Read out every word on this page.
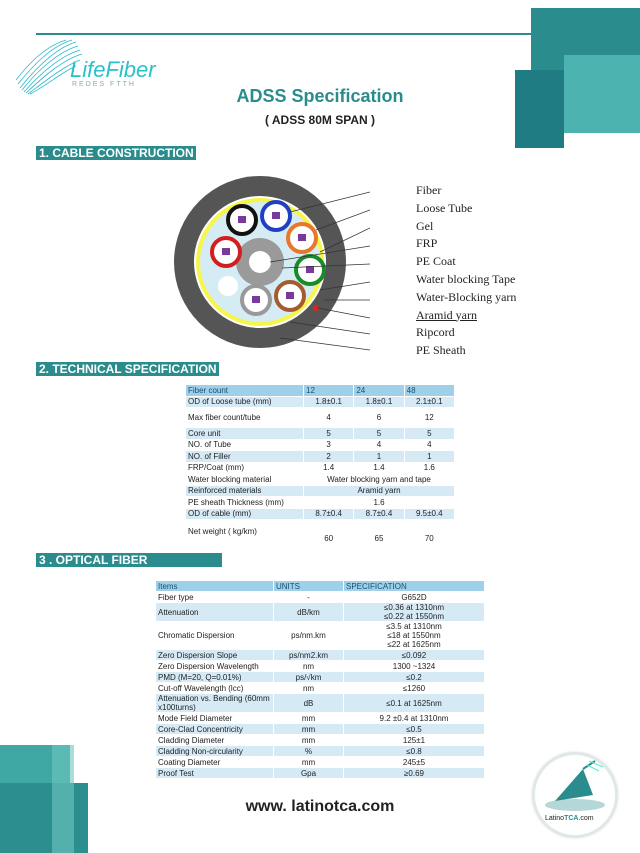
LifeFiber
REDES FTTH
ADSS Specification
( ADSS 80M SPAN )
1. CABLE CONSTRUCTION
Fiber
Loose Tube
Gel
FRP
PE Coat
Water blocking Tape
Water-Blocking yarn
Aramid yarn
Ripcord
PE Sheath
2. TECHNICAL SPECIFICATION
Fiber count	12	24	48
OD of Loose tube (mm)	1.8±0.1	1.8±0.1	2.1±0.1
Max fiber count/tube	4	6	12
Core unit	5	5	5
NO. of Tube	3	4	4
NO. of Filler	2	1	1
FRP/Coat (mm)	1.4	1.4	1.6
Water blocking material	Water blocking yarn and tape		
Reinforced materials	Aramid yarn		
PE sheath Thickness (mm)	1.6		
OD of cable (mm)	8.7±0.4	8.7±0.4	9.5±0.4
Net weight ( kg/km)	60	65	70
3 . OPTICAL FIBER
Items	UNITS	SPECIFICATION
Fiber type	-	G652D
Attenuation	dB/km	≤0.36 at 1310nm
≤0.22 at 1550nm
Chromatic Dispersion	ps/nm.km	≤3.5 at 1310nm
≤18 at 1550nm
≤22 at 1625nm
Zero Dispersion Slope	ps/nm2.km	≤0.092
Zero Dispersion Wavelength	nm	1300 ~1324
PMD (M=20, Q=0.01%)	ps/√km	≤0.2
Cut-off Wavelength (lcc)	nm	≤1260
Attenuation vs. Bending (60mm x100turns)	dB	≤0.1 at 1625nm
Mode Field Diameter	mm	9.2 ±0.4 at 1310nm
Core-Clad Concentricity	mm	≤0.5
Cladding Diameter	mm	125±1
Cladding Non-circularity	%	≤0.8
Coating Diameter	mm	245±5
Proof Test	Gpa	≥0.69
www. latinotca.com
LatinoTCA.com
